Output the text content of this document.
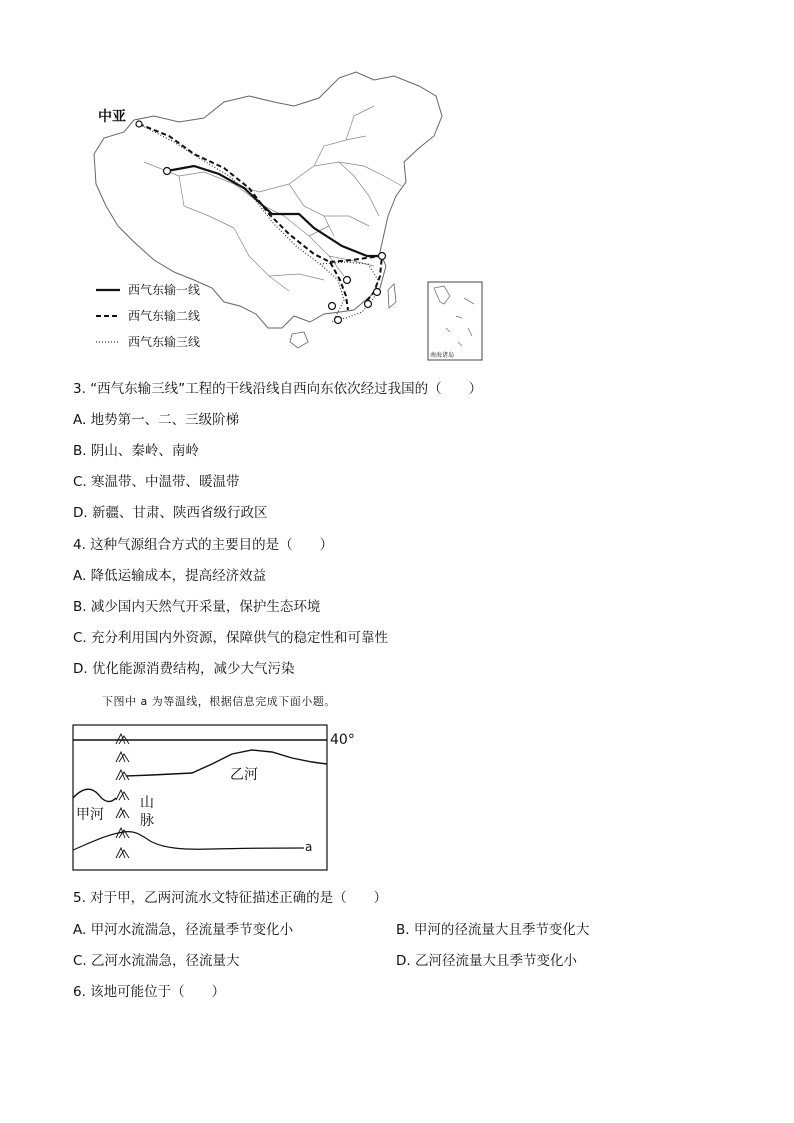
中亚
西气东输一线
西气东输二线
西气东输三线
南海诸岛
3. “西气东输三线”工程的干线沿线自西向东依次经过我国的（　　）
A. 地势第一、二、三级阶梯
B. 阴山、秦岭、南岭
C. 寒温带、中温带、暖温带
D. 新疆、甘肃、陕西省级行政区
4. 这种气源组合方式的主要目的是（　　）
A. 降低运输成本，提高经济效益
B. 减少国内天然气开采量，保护生态环境
C. 充分利用国内外资源，保障供气的稳定性和可靠性
D. 优化能源消费结构，减少大气污染
下图中 a 为等温线，根据信息完成下面小题。
40°
乙河
甲河
山
脉
a
5. 对于甲，乙两河流水文特征描述正确的是（　　）
A. 甲河水流湍急，径流量季节变化小	B. 甲河的径流量大且季节变化大
C. 乙河水流湍急，径流量大	D. 乙河径流量大且季节变化小
6. 该地可能位于（　　）
